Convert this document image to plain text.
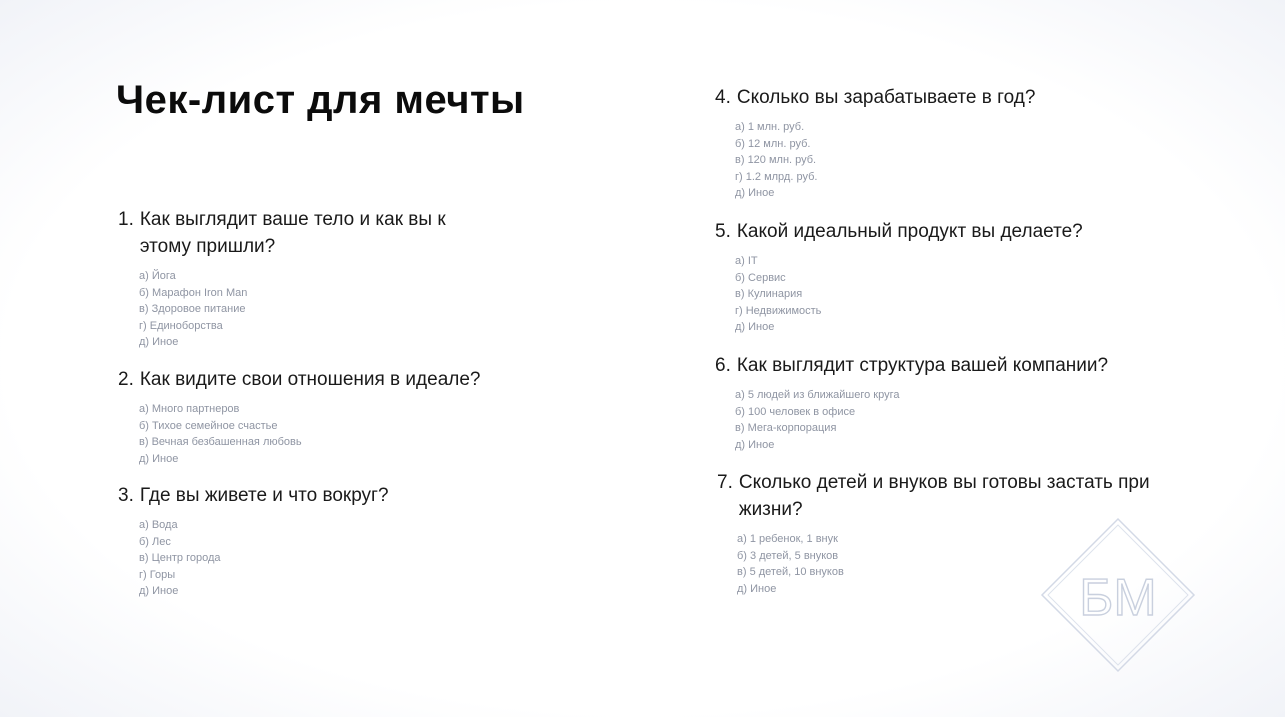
Чек-лист для мечты

1. Как выглядит ваше тело и как вы к этому пришли?

а) Йога
б) Марафон Iron Man
в) Здоровое питание
г) Единоборства
д) Иное

2. Как видите свои отношения в идеале?

а) Много партнеров
б) Тихое семейное счастье
в) Вечная безбашенная любовь
д) Иное

3. Где вы живете и что вокруг?

а) Вода
б) Лес
в) Центр города
г) Горы
д) Иное

4. Сколько вы зарабатываете в год?

а) 1 млн. руб.
б) 12 млн. руб.
в) 120 млн. руб.
г) 1.2 млрд. руб.
д) Иное

5. Какой идеальный продукт вы делаете?

а) IT
б) Сервис
в) Кулинария
г) Недвижимость
д) Иное

6. Как выглядит структура вашей компании?

а) 5 людей из ближайшего круга
б) 100 человек в офисе
в) Мега-корпорация
д) Иное

7. Сколько детей и внуков вы готовы застать при жизни?

а) 1 ребенок, 1 внук
б) 3 детей, 5 внуков
в) 5 детей, 10 внуков
д) Иное	БМ
